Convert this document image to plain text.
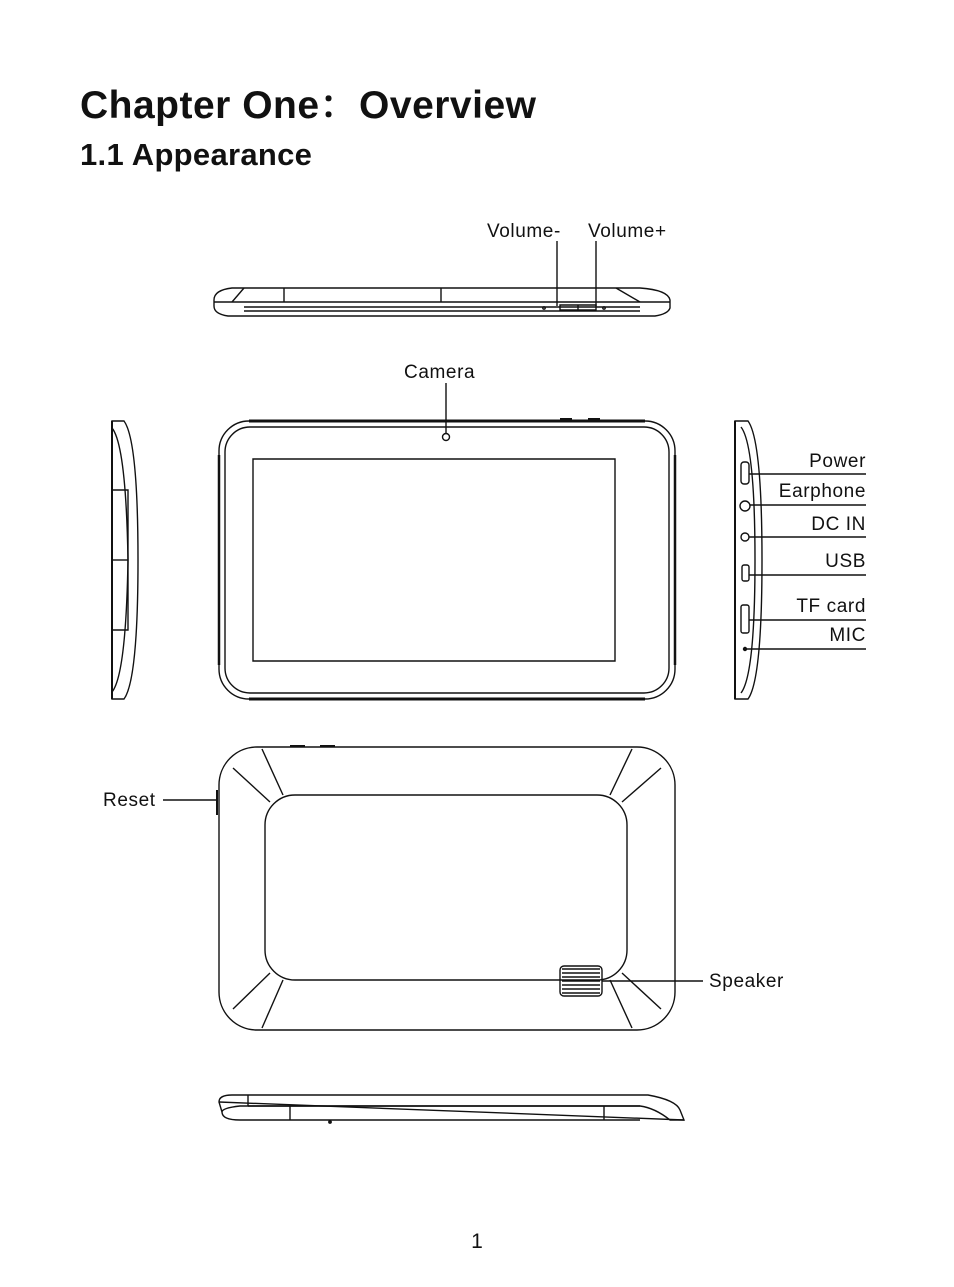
Chapter One：Overview
1.1 Appearance
Volume- Volume+
Camera
Power
Earphone
DC IN
USB
TF card
MIC
Reset
Speaker
1
